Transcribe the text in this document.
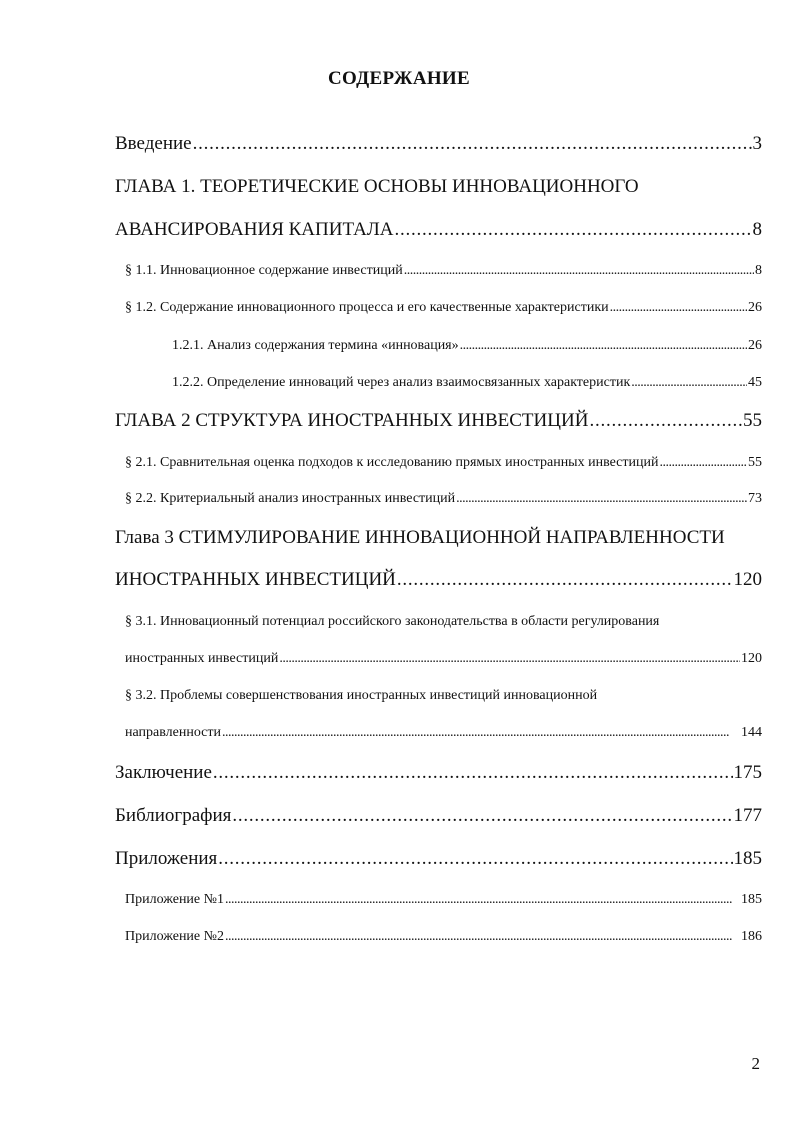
СОДЕРЖАНИЕ
Введение . . .	3
ГЛАВА 1. ТЕОРЕТИЧЕСКИЕ ОСНОВЫ ИННОВАЦИОННОГО
АВАНСИРОВАНИЯ КАПИТАЛА . . .	8
§ 1.1. Инновационное содержание инвестиций . . .	8
§ 1.2. Содержание инновационного процесса и его качественные характеристики . . .	26
1.2.1. Анализ содержания термина «инновация» . . .	26
1.2.2. Определение инноваций через анализ взаимосвязанных характеристик . . .	45
ГЛАВА 2 СТРУКТУРА ИНОСТРАННЫХ ИНВЕСТИЦИЙ . . .	55
§ 2.1. Сравнительная оценка подходов к исследованию прямых иностранных инвестиций . . .	55
§ 2.2. Критериальный анализ иностранных инвестиций . . .	73
Глава 3 СТИМУЛИРОВАНИЕ ИННОВАЦИОННОЙ НАПРАВЛЕННОСТИ
ИНОСТРАННЫХ ИНВЕСТИЦИЙ . . .	120
§ 3.1. Инновационный потенциал российского законодательства в области регулирования
иностранных инвестиций . . .	120
§ 3.2. Проблемы совершенствования иностранных инвестиций инновационной
направленности . . .	144
Заключение . . .	175
Библиография . . .	177
Приложения . . .	185
Приложение №1 . . .	185
Приложение №2 . . .	186
2
